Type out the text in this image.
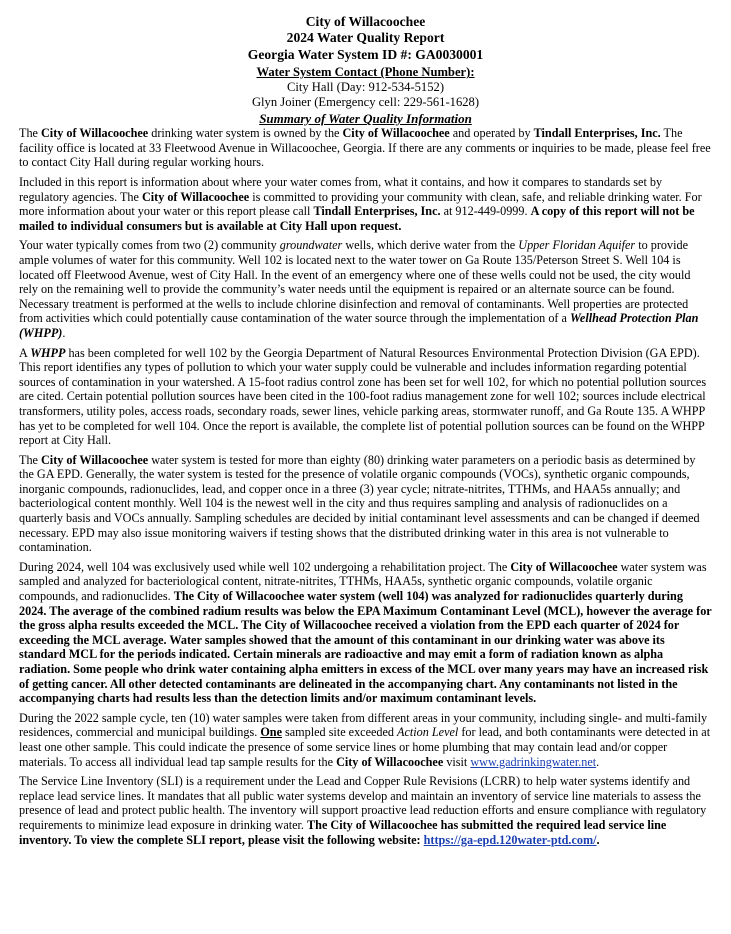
City of Willacoochee
2024 Water Quality Report
Georgia Water System ID #: GA0030001
Water System Contact (Phone Number):
City Hall (Day: 912-534-5152)
Glyn Joiner (Emergency cell: 229-561-1628)
Summary of Water Quality Information

The City of Willacoochee drinking water system is owned by the City of Willacoochee and operated by Tindall Enterprises, Inc. The facility office is located at 33 Fleetwood Avenue in Willacoochee, Georgia. If there are any comments or inquiries to be made, please feel free to contact City Hall during regular working hours.

Included in this report is information about where your water comes from, what it contains, and how it compares to standards set by regulatory agencies. The City of Willacoochee is committed to providing your community with clean, safe, and reliable drinking water. For more information about your water or this report please call Tindall Enterprises, Inc. at 912-449-0999. A copy of this report will not be mailed to individual consumers but is available at City Hall upon request.

Your water typically comes from two (2) community groundwater wells, which derive water from the Upper Floridan Aquifer to provide ample volumes of water for this community. Well 102 is located next to the water tower on Ga Route 135/Peterson Street S. Well 104 is located off Fleetwood Avenue, west of City Hall. In the event of an emergency where one of these wells could not be used, the city would rely on the remaining well to provide the community’s water needs until the equipment is repaired or an alternate source can be found. Necessary treatment is performed at the wells to include chlorine disinfection and removal of contaminants. Well properties are protected from activities which could potentially cause contamination of the water source through the implementation of a Wellhead Protection Plan (WHPP).

A WHPP has been completed for well 102 by the Georgia Department of Natural Resources Environmental Protection Division (GA EPD). This report identifies any types of pollution to which your water supply could be vulnerable and includes information regarding potential sources of contamination in your watershed. A 15-foot radius control zone has been set for well 102, for which no potential pollution sources are cited. Certain potential pollution sources have been cited in the 100-foot radius management zone for well 102; sources include electrical transformers, utility poles, access roads, secondary roads, sewer lines, vehicle parking areas, stormwater runoff, and Ga Route 135. A WHPP has yet to be completed for well 104. Once the report is available, the complete list of potential pollution sources can be found on the WHPP report at City Hall.

The City of Willacoochee water system is tested for more than eighty (80) drinking water parameters on a periodic basis as determined by the GA EPD. Generally, the water system is tested for the presence of volatile organic compounds (VOCs), synthetic organic compounds, inorganic compounds, radionuclides, lead, and copper once in a three (3) year cycle; nitrate-nitrites, TTHMs, and HAA5s annually; and bacteriological content monthly. Well 104 is the newest well in the city and thus requires sampling and analysis of radionuclides on a quarterly basis and VOCs annually. Sampling schedules are decided by initial contaminant level assessments and can be changed if deemed necessary. EPD may also issue monitoring waivers if testing shows that the distributed drinking water in this area is not vulnerable to contamination.

During 2024, well 104 was exclusively used while well 102 undergoing a rehabilitation project. The City of Willacoochee water system was sampled and analyzed for bacteriological content, nitrate-nitrites, TTHMs, HAA5s, synthetic organic compounds, volatile organic compounds, and radionuclides. The City of Willacoochee water system (well 104) was analyzed for radionuclides quarterly during 2024. The average of the combined radium results was below the EPA Maximum Contaminant Level (MCL), however the average for the gross alpha results exceeded the MCL. The City of Willacoochee received a violation from the EPD each quarter of 2024 for exceeding the MCL average. Water samples showed that the amount of this contaminant in our drinking water was above its standard MCL for the periods indicated. Certain minerals are radioactive and may emit a form of radiation known as alpha radiation. Some people who drink water containing alpha emitters in excess of the MCL over many years may have an increased risk of getting cancer. All other detected contaminants are delineated in the accompanying chart. Any contaminants not listed in the accompanying charts had results less than the detection limits and/or maximum contaminant levels.

During the 2022 sample cycle, ten (10) water samples were taken from different areas in your community, including single- and multi-family residences, commercial and municipal buildings. One sampled site exceeded Action Level for lead, and both contaminants were detected in at least one other sample. This could indicate the presence of some service lines or home plumbing that may contain lead and/or copper materials. To access all individual lead tap sample results for the City of Willacoochee visit www.gadrinkingwater.net.

The Service Line Inventory (SLI) is a requirement under the Lead and Copper Rule Revisions (LCRR) to help water systems identify and replace lead service lines. It mandates that all public water systems develop and maintain an inventory of service line materials to assess the presence of lead and protect public health. The inventory will support proactive lead reduction efforts and ensure compliance with regulatory requirements to minimize lead exposure in drinking water. The City of Willacoochee has submitted the required lead service line inventory. To view the complete SLI report, please visit the following website: https://ga-epd.120water-ptd.com/.
